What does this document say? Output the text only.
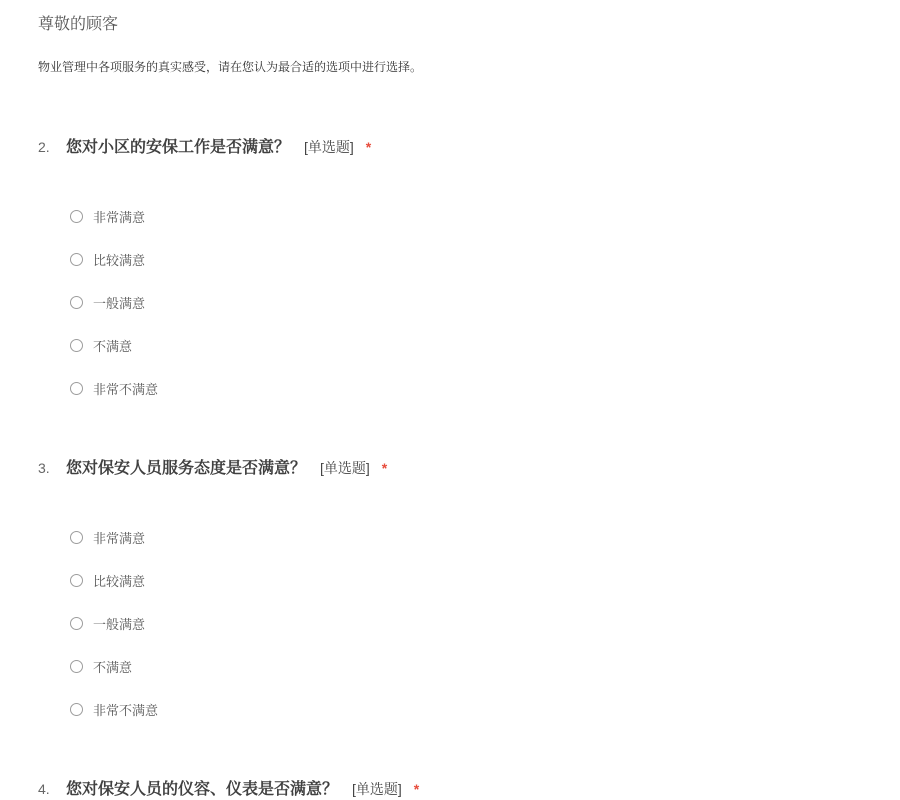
尊敬的顾客

物业管理中各项服务的真实感受，请在您认为最合适的选项中进行选择。

2. 您对小区的安保工作是否满意？ [单选题] *
非常满意
比较满意
一般满意
不满意
非常不满意
3. 您对保安人员服务态度是否满意？ [单选题] *
非常满意
比较满意
一般满意
不满意
非常不满意
4. 您对保安人员的仪容、仪表是否满意？ [单选题] *
